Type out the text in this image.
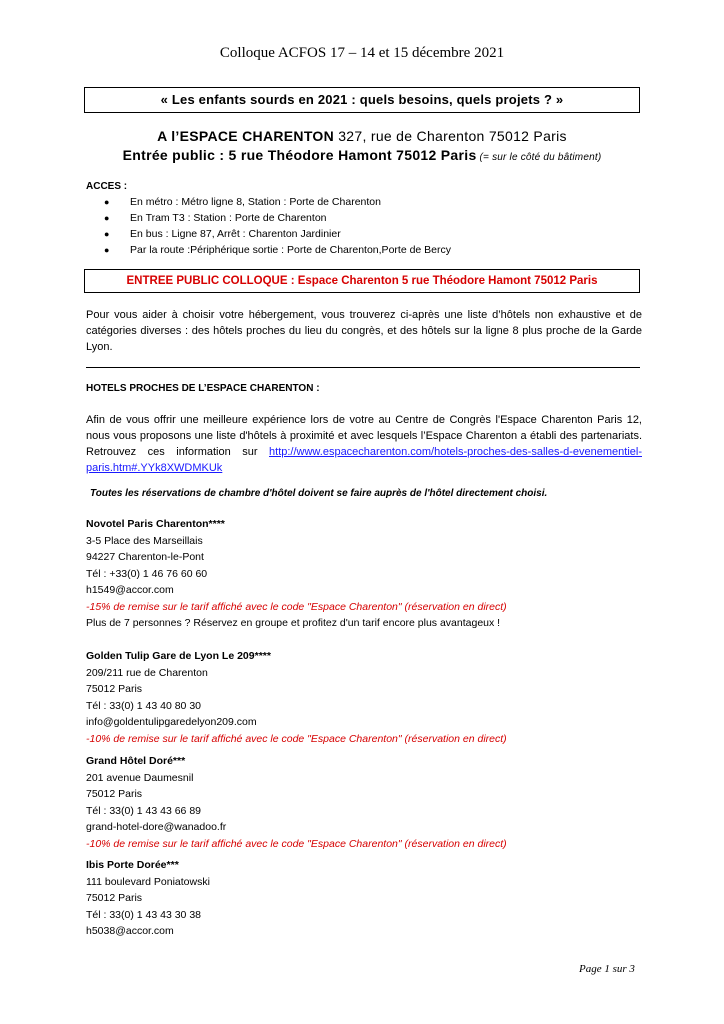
Colloque ACFOS 17 – 14 et 15 décembre 2021
« Les enfants sourds en 2021 : quels besoins, quels projets ? »
A l’ESPACE CHARENTON 327, rue de Charenton 75012 Paris
Entrée public : 5 rue Théodore Hamont 75012 Paris (= sur le côté du bâtiment)
ACCES :
● En métro : Métro ligne 8, Station : Porte de Charenton
● En Tram T3 : Station : Porte de Charenton
● En bus : Ligne 87, Arrêt : Charenton Jardinier
● Par la route :Périphérique sortie : Porte de Charenton,Porte de Bercy
ENTREE PUBLIC COLLOQUE : Espace Charenton 5 rue Théodore Hamont 75012 Paris
Pour vous aider à choisir votre hébergement, vous trouverez ci-après une liste d’hôtels non exhaustive et de catégories diverses : des hôtels proches du lieu du congrès, et des hôtels sur la ligne 8 plus proche de la Garde Lyon.
HOTELS PROCHES DE L’ESPACE CHARENTON :
Afin de vous offrir une meilleure expérience lors de votre au Centre de Congrès l'Espace Charenton Paris 12, nous vous proposons une liste d'hôtels à proximité et avec lesquels l’Espace Charenton a établi des partenariats. Retrouvez ces information sur http://www.espacecharenton.com/hotels-proches-des-salles-d-evenementiel-paris.htm#.YYk8XWDMKUk
Toutes les réservations de chambre d'hôtel doivent se faire auprès de l'hôtel directement choisi.
Novotel Paris Charenton****
3-5 Place des Marseillais
94227 Charenton-le-Pont
Tél : +33(0) 1 46 76 60 60
h1549@accor.com
-15% de remise sur le tarif affiché avec le code "Espace Charenton" (réservation en direct)
Plus de 7 personnes ? Réservez en groupe et profitez d'un tarif encore plus avantageux !
Golden Tulip Gare de Lyon Le 209****
209/211 rue de Charenton
75012 Paris
Tél : 33(0) 1 43 40 80 30
info@goldentulipgaredelyon209.com
-10% de remise sur le tarif affiché avec le code "Espace Charenton" (réservation en direct)
Grand Hôtel Doré***
201 avenue Daumesnil
75012 Paris
Tél : 33(0) 1 43 43 66 89
grand-hotel-dore@wanadoo.fr
-10% de remise sur le tarif affiché avec le code "Espace Charenton" (réservation en direct)
Ibis Porte Dorée***
111 boulevard Poniatowski
75012 Paris
Tél : 33(0) 1 43 43 30 38
h5038@accor.com
Page 1 sur 3
